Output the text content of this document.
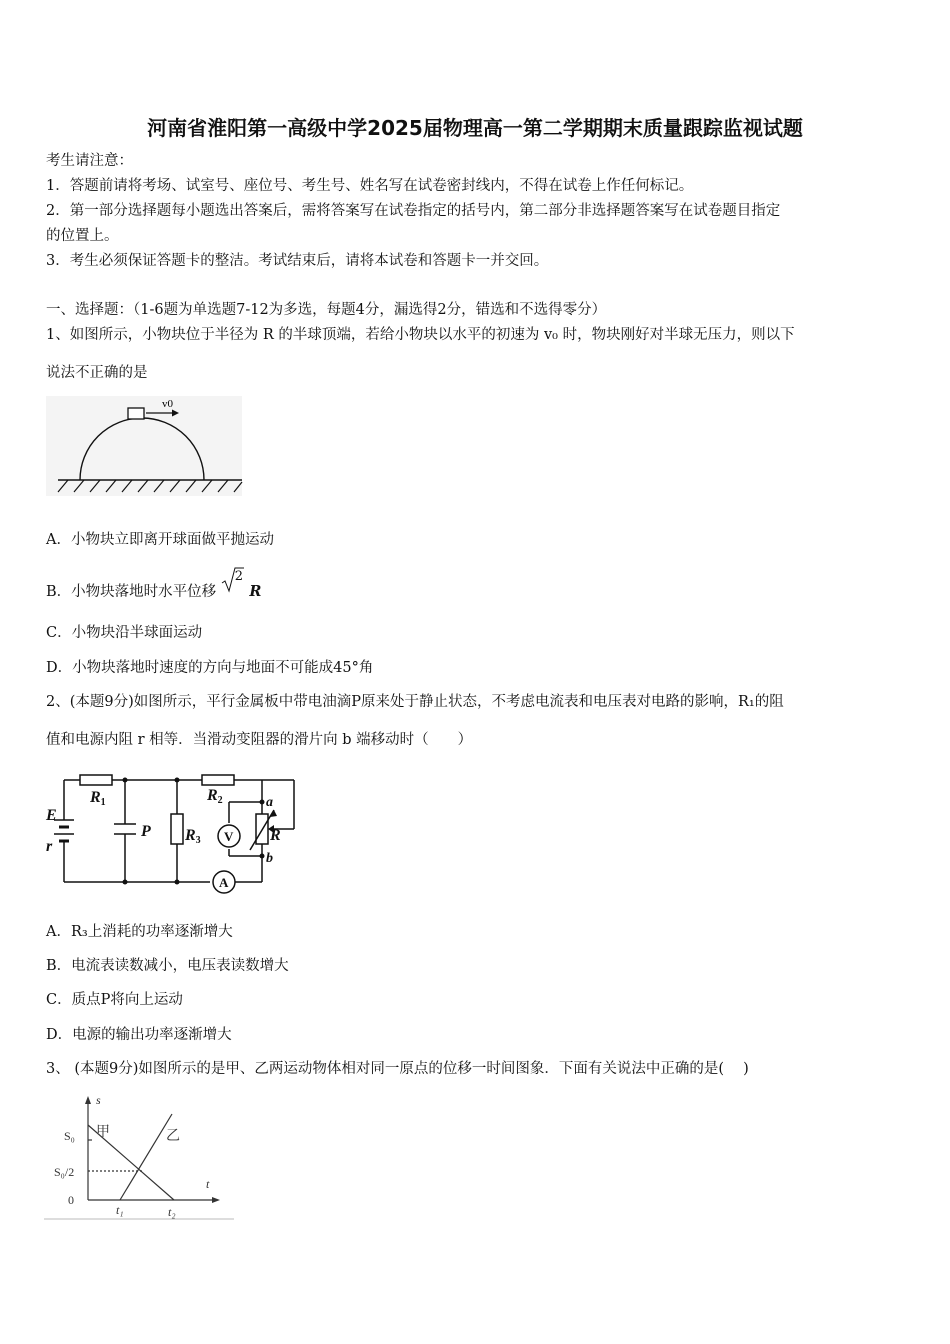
河南省淮阳第一高级中学2025届物理高一第二学期期末质量跟踪监视试题
考生请注意：
1．答题前请将考场、试室号、座位号、考生号、姓名写在试卷密封线内，不得在试卷上作任何标记。
2．第一部分选择题每小题选出答案后，需将答案写在试卷指定的括号内，第二部分非选择题答案写在试卷题目指定
的位置上。
3．考生必须保证答题卡的整洁。考试结束后，请将本试卷和答题卡一并交回。
一、选择题：（1-6题为单选题7-12为多选，每题4分，漏选得2分，错选和不选得零分）
1、如图所示，小物块位于半径为 R 的半球顶端，若给小物块以水平的初速为 v₀ 时，物块刚好对半球无压力，则以下
说法不正确的是
v0
A．小物块立即离开球面做平抛运动
B．小物块落地时水平位移
2
R
C．小物块沿半球面运动
D．小物块落地时速度的方向与地面不可能成45°角
2、(本题9分)如图所示，平行金属板中带电油滴P原来处于静止状态，不考虑电流表和电压表对电路的影响，R₁的阻
值和电源内阻 r 相等．当滑动变阻器的滑片向 b 端移动时（　　）
E
r
R1	R2
R3
P	R
a
b
V
A
A．R₃上消耗的功率逐渐增大
B．电流表读数减小，电压表读数增大
C．质点P将向上运动
D．电源的输出功率逐渐增大
3、 (本题9分)如图所示的是甲、乙两运动物体相对同一原点的位移一时间图象．下面有关说法中正确的是(　 )
s
t
S₀
S₀/2
0
甲	乙
t₁	t₂
